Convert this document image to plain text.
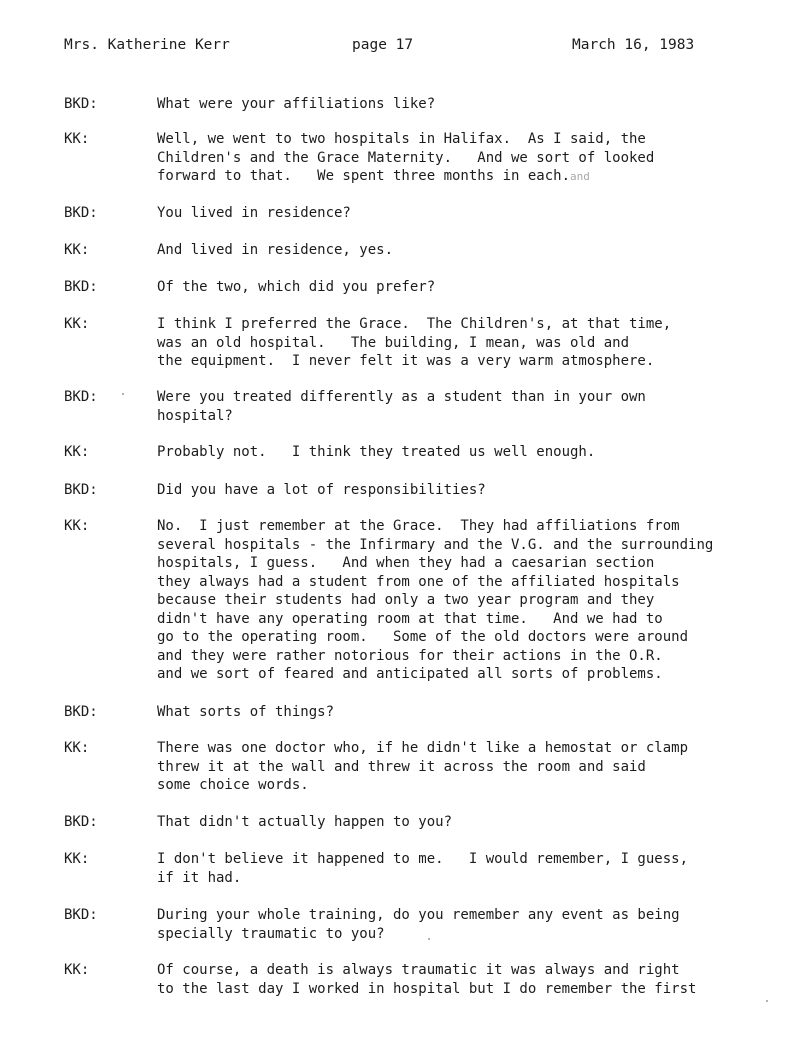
Mrs. Katherine Kerr	page 17	March 16, 1983
BKD:	What were your affiliations like?
KK:	Well, we went to two hospitals in Halifax.  As I said, the
Children's and the Grace Maternity.   And we sort of looked
forward to that.   We spent three months in each.and
BKD:	You lived in residence?
KK:	And lived in residence, yes.
BKD:	Of the two, which did you prefer?
KK:	I think I preferred the Grace.  The Children's, at that time,
was an old hospital.   The building, I mean, was old and
the equipment.  I never felt it was a very warm atmosphere.
BKD:	Were you treated differently as a student than in your own
hospital?
KK:	Probably not.   I think they treated us well enough.
BKD:	Did you have a lot of responsibilities?
KK:	No.  I just remember at the Grace.  They had affiliations from
several hospitals - the Infirmary and the V.G. and the surrounding
hospitals, I guess.   And when they had a caesarian section
they always had a student from one of the affiliated hospitals
because their students had only a two year program and they
didn't have any operating room at that time.   And we had to
go to the operating room.   Some of the old doctors were around
and they were rather notorious for their actions in the O.R.
and we sort of feared and anticipated all sorts of problems.
BKD:	What sorts of things?
KK:	There was one doctor who, if he didn't like a hemostat or clamp
threw it at the wall and threw it across the room and said
some choice words.
BKD:	That didn't actually happen to you?
KK:	I don't believe it happened to me.   I would remember, I guess,
if it had.
BKD:	During your whole training, do you remember any event as being
specially traumatic to you?
KK:	Of course, a death is always traumatic it was always and right
to the last day I worked in hospital but I do remember the first
